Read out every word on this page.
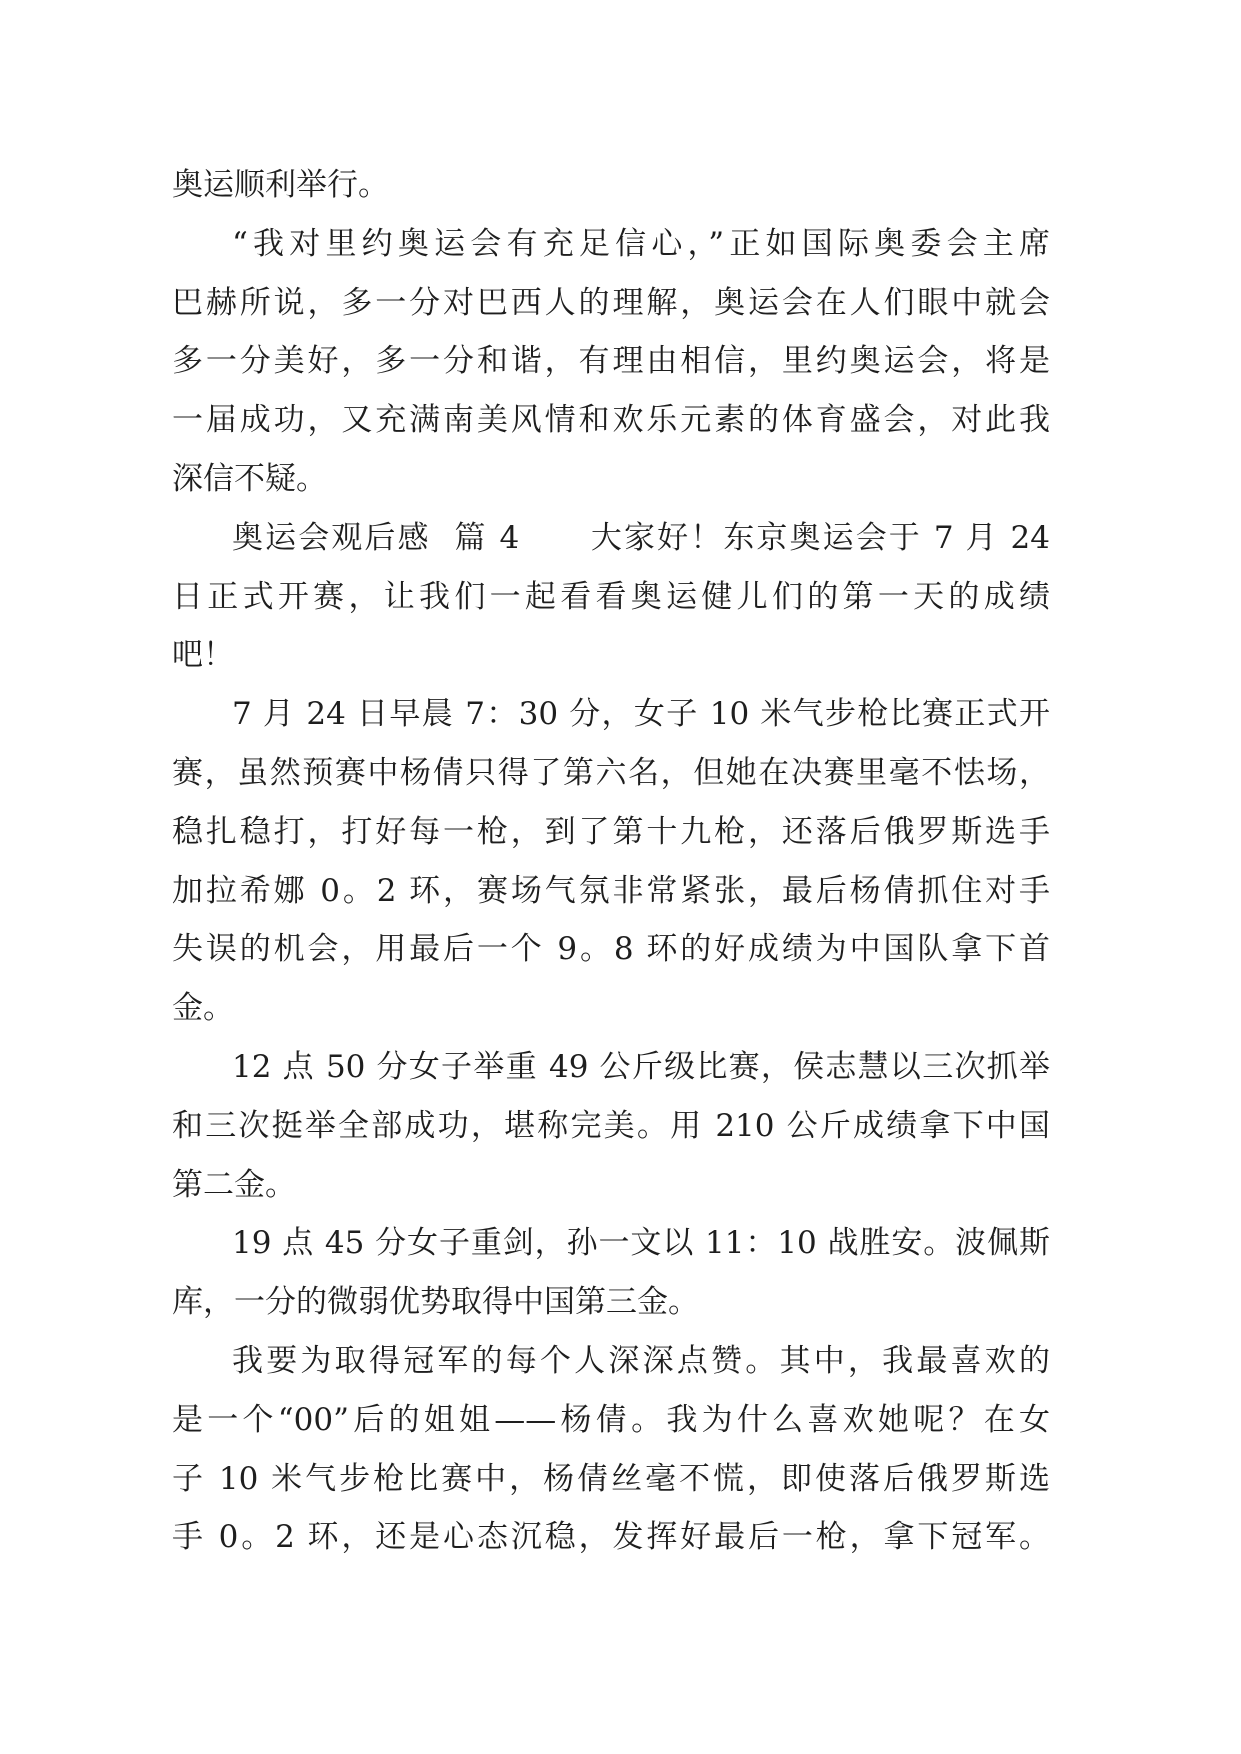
奥运顺利举行。
“我对里约奥运会有充足信心，”正如国际奥委会主席
巴赫所说，多一分对巴西人的理解，奥运会在人们眼中就会
多一分美好，多一分和谐，有理由相信，里约奥运会，将是
一届成功，又充满南美风情和欢乐元素的体育盛会，对此我
深信不疑。
奥运会观后感  篇 4      大家好！东京奥运会于 7 月 24
日正式开赛，让我们一起看看奥运健儿们的第一天的成绩
吧！
7 月 24 日早晨 7：30 分，女子 10 米气步枪比赛正式开
赛，虽然预赛中杨倩只得了第六名，但她在决赛里毫不怯场，
稳扎稳打，打好每一枪，到了第十九枪，还落后俄罗斯选手
加拉希娜 0。2 环，赛场气氛非常紧张，最后杨倩抓住对手
失误的机会，用最后一个 9。8 环的好成绩为中国队拿下首
金。
12 点 50 分女子举重 49 公斤级比赛，侯志慧以三次抓举
和三次挺举全部成功，堪称完美。用 210 公斤成绩拿下中国
第二金。
19 点 45 分女子重剑，孙一文以 11：10 战胜安。波佩斯
库，一分的微弱优势取得中国第三金。
我要为取得冠军的每个人深深点赞。其中，我最喜欢的
是一个“00”后的姐姐——杨倩。我为什么喜欢她呢？在女
子 10 米气步枪比赛中，杨倩丝毫不慌，即使落后俄罗斯选
手 0。2 环，还是心态沉稳，发挥好最后一枪，拿下冠军。
